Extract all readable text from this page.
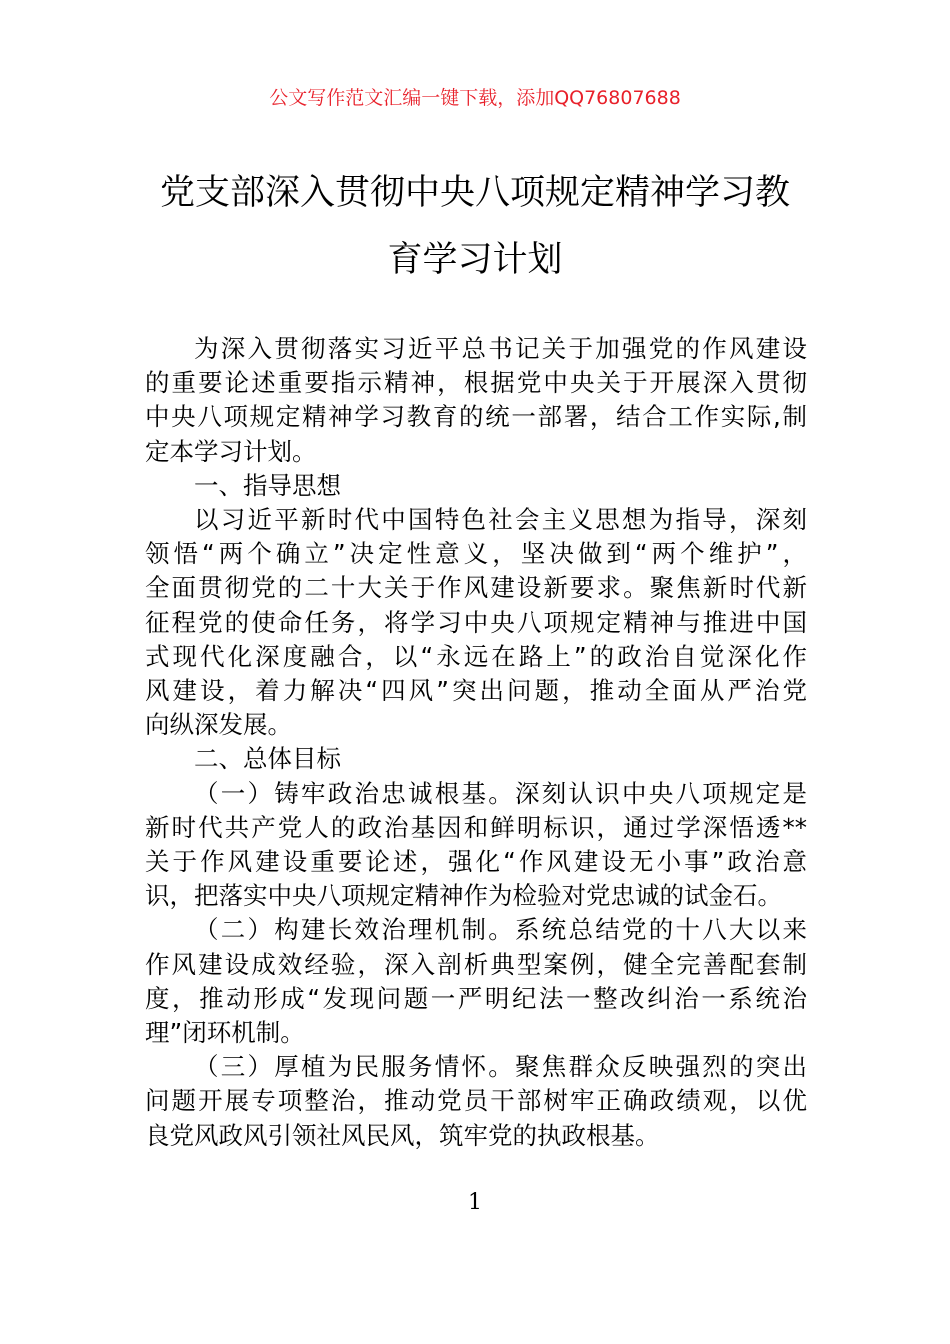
公文写作范文汇编一键下载，添加QQ76807688
党支部深入贯彻中央八项规定精神学习教
育学习计划

为深入贯彻落实习近平总书记关于加强党的作风建设
的重要论述重要指示精神，根据党中央关于开展深入贯彻
中央八项规定精神学习教育的统一部署，结合工作实际,制
定本学习计划。

一、指导思想

以习近平新时代中国特色社会主义思想为指导，深刻
领悟“两个确立”决定性意义，坚决做到“两个维护”，
全面贯彻党的二十大关于作风建设新要求。聚焦新时代新
征程党的使命任务，将学习中央八项规定精神与推进中国
式现代化深度融合，以“永远在路上”的政治自觉深化作
风建设，着力解决“四风”突出问题，推动全面从严治党
向纵深发展。

二、总体目标

（一）铸牢政治忠诚根基。深刻认识中央八项规定是
新时代共产党人的政治基因和鲜明标识，通过学深悟透**
关于作风建设重要论述，强化“作风建设无小事”政治意
识，把落实中央八项规定精神作为检验对党忠诚的试金石。

（二）构建长效治理机制。系统总结党的十八大以来
作风建设成效经验，深入剖析典型案例，健全完善配套制
度，推动形成“发现问题一严明纪法一整改纠治一系统治
理”闭环机制。

（三）厚植为民服务情怀。聚焦群众反映强烈的突出
问题开展专项整治，推动党员干部树牢正确政绩观，以优
良党风政风引领社风民风，筑牢党的执政根基。

1
